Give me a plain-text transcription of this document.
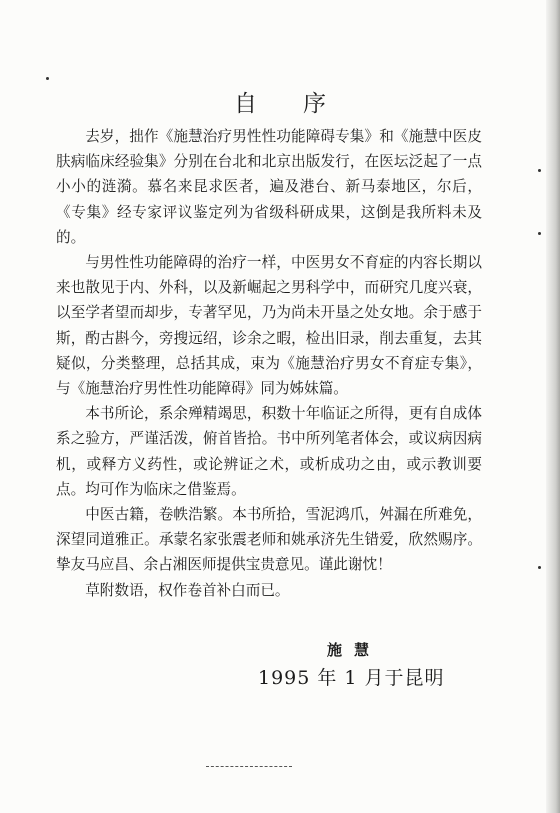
自序

去岁，拙作《施慧治疗男性性功能障碍专集》和《施慧中医皮肤病临床经验集》分别在台北和北京出版发行，在医坛泛起了一点小小的涟漪。慕名来昆求医者，遍及港台、新马泰地区，尔后，《专集》经专家评议鉴定列为省级科研成果，这倒是我所料未及的。

与男性性功能障碍的治疗一样，中医男女不育症的内容长期以来也散见于内、外科，以及新崛起之男科学中，而研究几度兴衰，以至学者望而却步，专著罕见，乃为尚未开垦之处女地。余于感于斯，酌古斟今，旁搜远绍，诊余之暇，检出旧录，削去重复，去其疑似，分类整理，总括其成，束为《施慧治疗男女不育症专集》，与《施慧治疗男性性功能障碍》同为姊妹篇。

本书所论，系余殚精竭思，积数十年临证之所得，更有自成体系之验方，严谨活泼，俯首皆拾。书中所列笔者体会，或议病因病机，或释方义药性，或论辨证之术，或析成功之由，或示教训要点。均可作为临床之借鉴焉。

中医古籍，卷帙浩繁。本书所拾，雪泥鸿爪，舛漏在所难免，深望同道雅正。承蒙名家张震老师和姚承济先生错爱，欣然赐序。挚友马应昌、余占湘医师提供宝贵意见。谨此谢忱！

草附数语，权作卷首补白而已。

施慧
1995 年 1 月于昆明
